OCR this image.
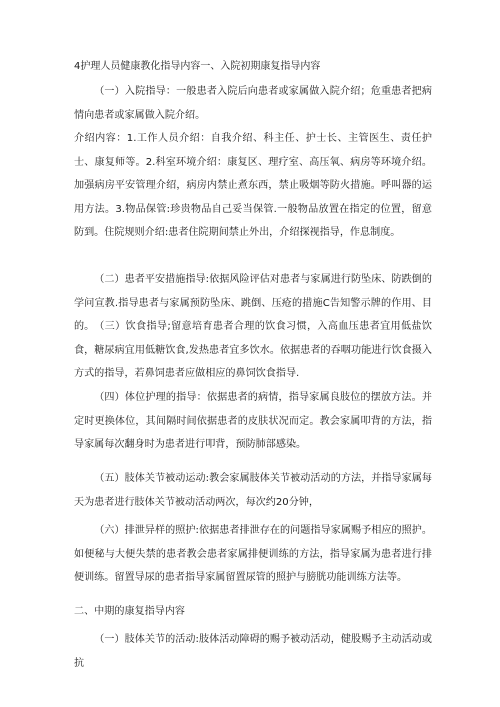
4护理人员健康教化指导内容一、入院初期康复指导内容
（一）入院指导：一般患者入院后向患者或家属做入院介绍；危重患者把病情向患者或家属做入院介绍。
介绍内容：1.工作人员介绍：自我介绍、科主任、护士长、主管医生、责任护士、康复师等。2.科室环境介绍：康复区、理疗室、高压氧、病房等环境介绍。加强病房平安管理介绍，病房内禁止煮东西，禁止吸烟等防火措施。呼叫器的运用方法。3.物品保管:珍贵物品自己妥当保管.一般物品放置在指定的位置，留意防到。住院规则介绍:患者住院期间禁止外出，介绍探视指导，作息制度。
（二）患者平安措施指导:依据风险评估对患者与家属进行防坠床、防跌倒的学问宣教.指导患者与家属预防坠床、跳倒、压疮的措施C告知警示牌的作用、目的。 （三）饮食指导;留意培育患者合理的饮食习惯，入高血压患者宜用低盐饮食，糖尿病宜用低糖饮食,发热患者宜多饮水。依据患者的吞咽功能进行饮食摄入方式的指导，若鼻饲患者应做相应的鼻饲饮食指导.
（四）体位护理的指导：依据患者的病情，指导家属良肢位的摆放方法。并定时更换体位，其间隔时间依据患者的皮肤状况而定。教会家属叩背的方法，指导家属每次翻身时为患者进行叩背，预防肺部感染。
（五）肢体关节被动运动:教会家属肢体关节被动活动的方法，并指导家属每天为患者进行肢体关节被动活动两次，每次约20分钟，
（六）排泄异样的照护:依据患者排泄存在的问题指导家属赐予相应的照护。如便秘与大便失禁的患者教会患者家属排便训练的方法，指导家属为患者进行排便训练。留置导尿的患者指导家属留置尿管的照护与膀胱功能训练方法等。
二、中期的康复指导内容
（一）肢体关节的活动:肢体活动障碍的赐予被动活动，健股赐予主动活动或抗
